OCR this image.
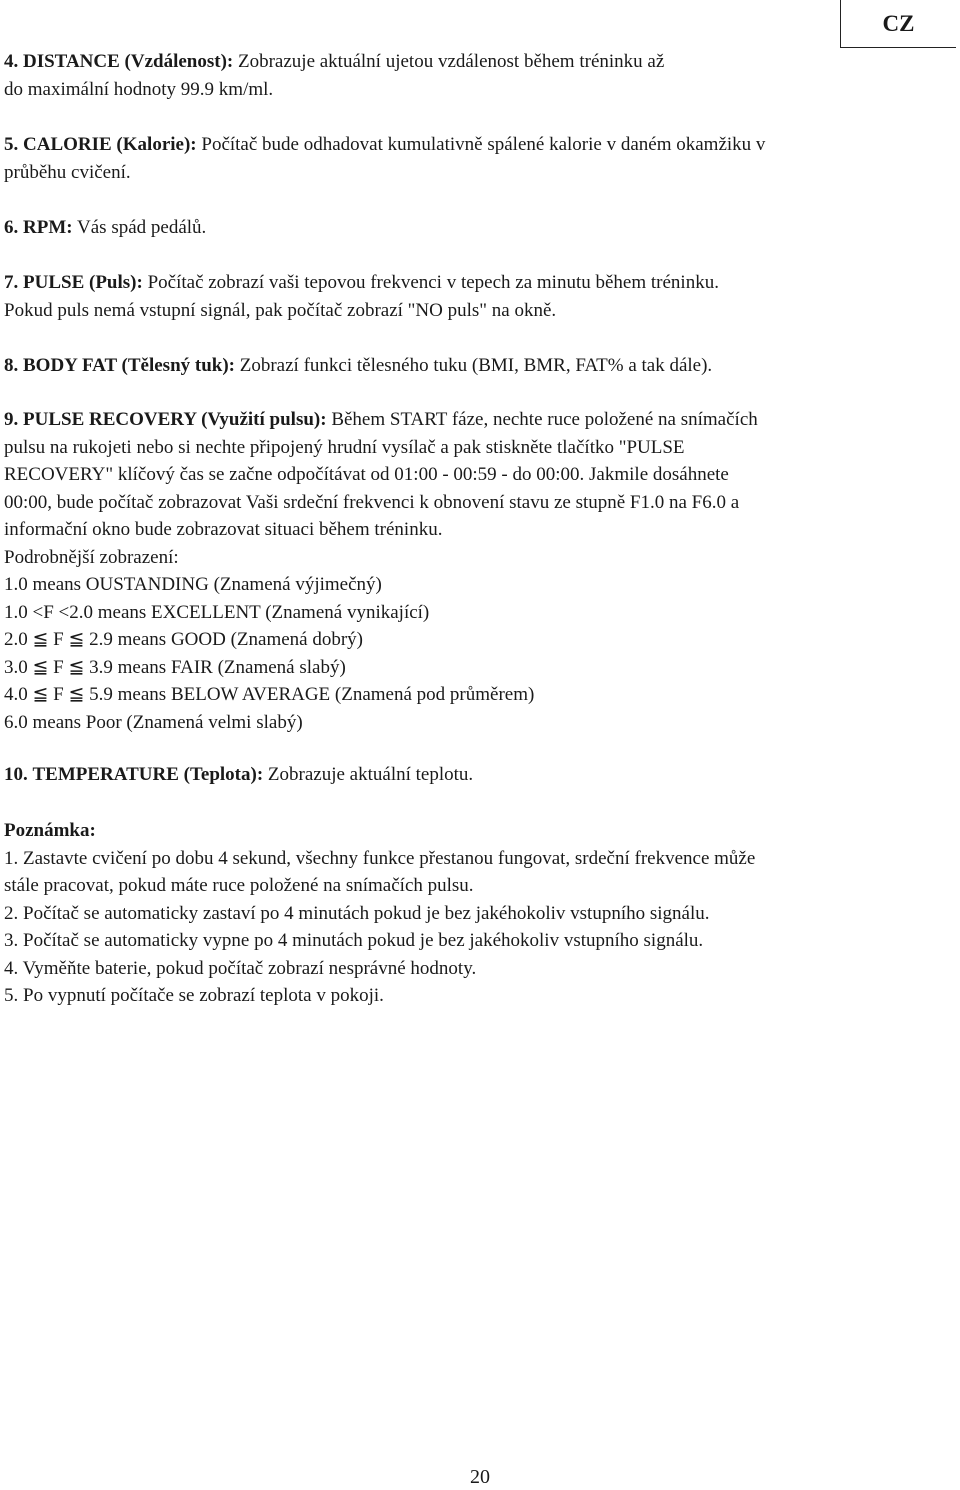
CZ

4. DISTANCE (Vzdálenost): Zobrazuje aktuální ujetou vzdálenost během tréninku až

do maximální hodnoty 99.9 km/ml.

5. CALORIE (Kalorie): Počítač bude odhadovat kumulativně spálené kalorie v daném okamžiku v

průběhu cvičení.

6. RPM: Vás spád pedálů.

7. PULSE (Puls): Počítač zobrazí vaši tepovou frekvenci v tepech za minutu během tréninku.

Pokud puls nemá vstupní signál, pak počítač zobrazí "NO puls" na okně.

8. BODY FAT (Tělesný tuk): Zobrazí funkci tělesného tuku (BMI, BMR, FAT% a tak dále).

9. PULSE RECOVERY (Využití pulsu): Během START fáze, nechte ruce položené na snímačích

pulsu na rukojeti nebo si nechte připojený hrudní vysílač a pak stiskněte tlačítko "PULSE

RECOVERY" klíčový čas se začne odpočítávat od 01:00 - 00:59 - do 00:00. Jakmile dosáhnete

00:00, bude počítač zobrazovat Vaši srdeční frekvenci k obnovení stavu ze stupně F1.0 na F6.0 a

informační okno bude zobrazovat situaci během tréninku.

Podrobnější zobrazení:

1.0 means OUSTANDING (Znamená výjimečný)

1.0 <F <2.0 means EXCELLENT (Znamená vynikající)

2.0 ≦ F ≦ 2.9 means GOOD (Znamená dobrý)

3.0 ≦ F ≦ 3.9 means FAIR (Znamená slabý)

4.0 ≦ F ≦ 5.9 means BELOW AVERAGE (Znamená pod průměrem)

6.0 means Poor (Znamená velmi slabý)

10. TEMPERATURE (Teplota): Zobrazuje aktuální teplotu.

Poznámka:

1. Zastavte cvičení po dobu 4 sekund, všechny funkce přestanou fungovat, srdeční frekvence může

stále pracovat, pokud máte ruce položené na snímačích pulsu.

2. Počítač se automaticky zastaví po 4 minutách pokud je bez jakéhokoliv vstupního signálu.

3. Počítač se automaticky vypne po 4 minutách pokud je bez jakéhokoliv vstupního signálu.

4. Vyměňte baterie, pokud počítač zobrazí nesprávné hodnoty.

5. Po vypnutí počítače se zobrazí teplota v pokoji.

20
